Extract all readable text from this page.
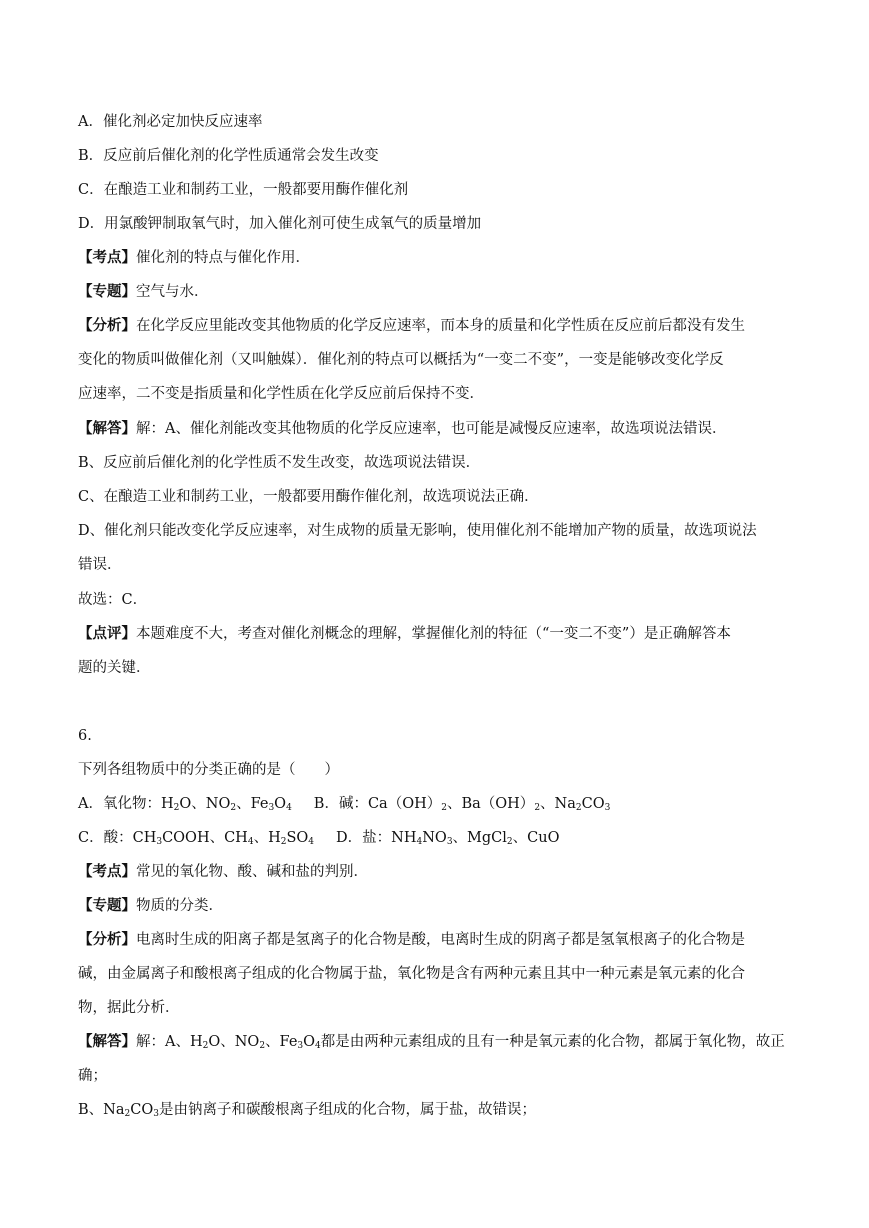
A．催化剂必定加快反应速率
B．反应前后催化剂的化学性质通常会发生改变
C．在酿造工业和制药工业，一般都要用酶作催化剂
D．用氯酸钾制取氧气时，加入催化剂可使生成氧气的质量增加
【考点】催化剂的特点与催化作用．
【专题】空气与水．
【分析】在化学反应里能改变其他物质的化学反应速率，而本身的质量和化学性质在反应前后都没有发生
变化的物质叫做催化剂（又叫触媒）．催化剂的特点可以概括为“一变二不变”，一变是能够改变化学反
应速率，二不变是指质量和化学性质在化学反应前后保持不变．
【解答】解：A、催化剂能改变其他物质的化学反应速率，也可能是减慢反应速率，故选项说法错误．
B、反应前后催化剂的化学性质不发生改变，故选项说法错误．
C、在酿造工业和制药工业，一般都要用酶作催化剂，故选项说法正确．
D、催化剂只能改变化学反应速率，对生成物的质量无影响，使用催化剂不能增加产物的质量，故选项说法
错误．
故选：C．
【点评】本题难度不大，考查对催化剂概念的理解，掌握催化剂的特征（“一变二不变”）是正确解答本
题的关键．
6.
下列各组物质中的分类正确的是（　　）
A．氧化物：$H_2O$、$NO_2$、$Fe_3O_4$ B．碱：$Ca(OH)_2$、$Ba(OH)_2$、$Na_2CO_3$
C．酸：$CH_3COOH$、$CH_4$、$H_2SO_4$ D．盐：$NH_4NO_3$、MgCl$_2$、CuO
【考点】常见的氧化物、酸、碱和盐的判别．
【专题】物质的分类．
【分析】电离时生成的阳离子都是氢离子的化合物是酸，电离时生成的阴离子都是氢氧根离子的化合物是
碱，由金属离子和酸根离子组成的化合物属于盐，氧化物是含有两种元素且其中一种元素是氧元素的化合
物，据此分析．
【解答】解：A、$H_2O$、$NO_2$、$Fe_3O_4$都是由两种元素组成的且有一种是氧元素的化合物，都属于氧化物，故正
确；
B、$Na_2CO_3$是由钠离子和碳酸根离子组成的化合物，属于盐，故错误；
